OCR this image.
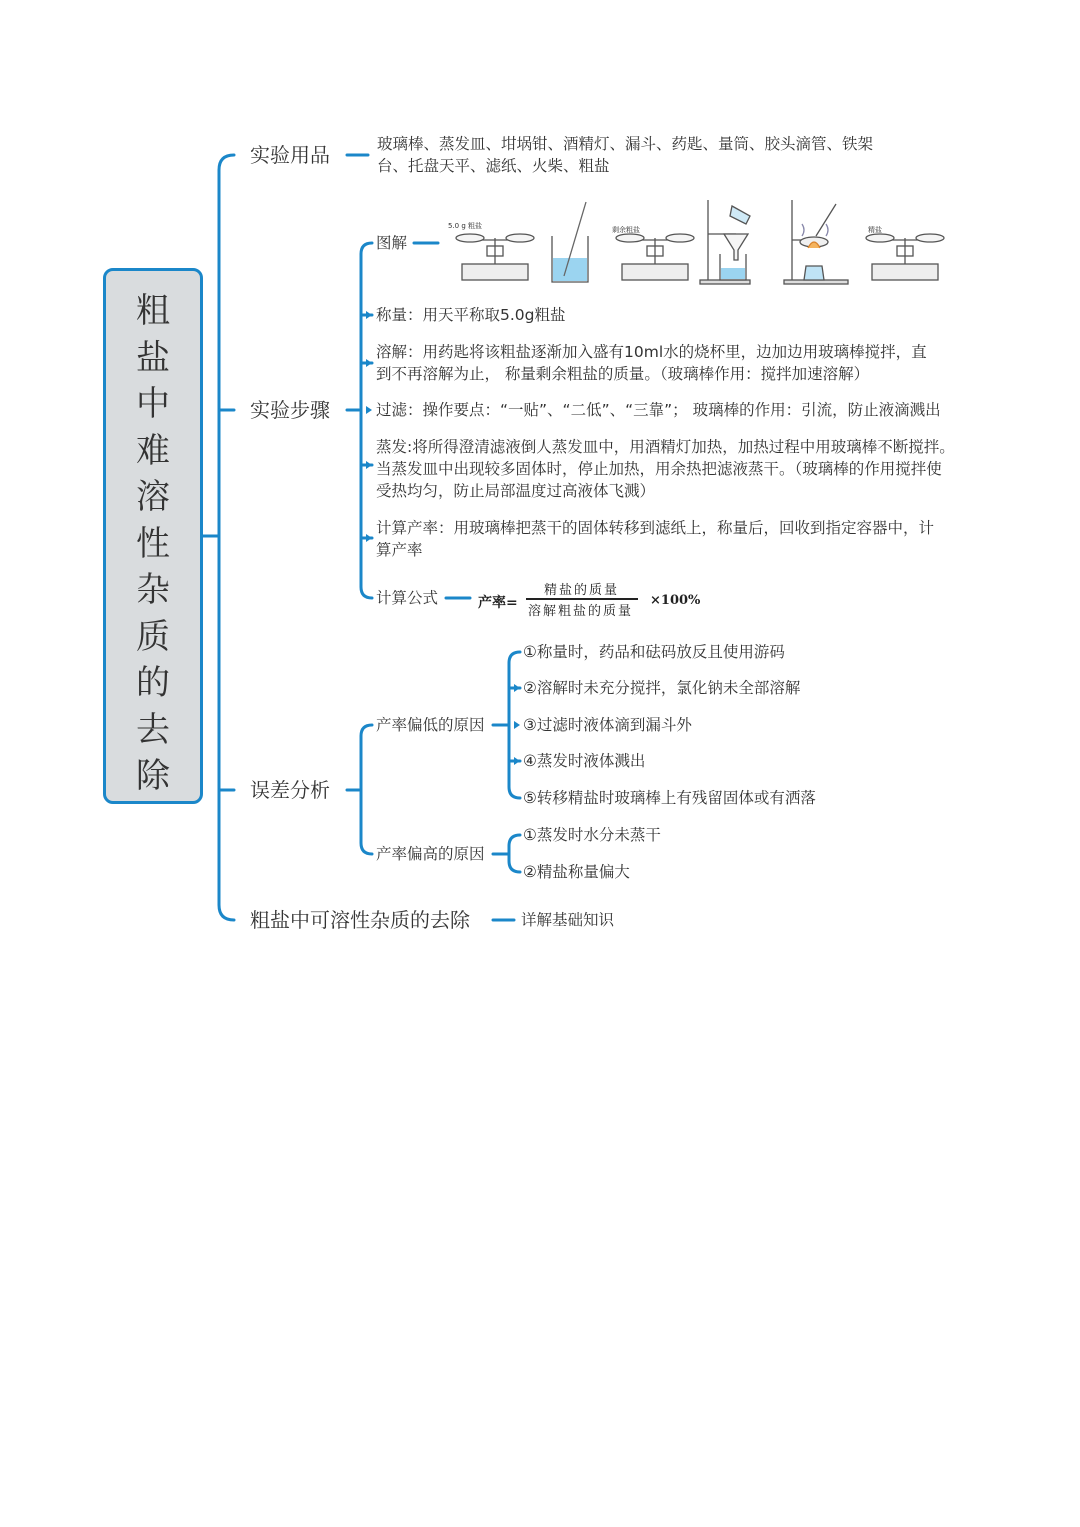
粗
盐
中
难
溶
性
杂
质
的
去
除
实验用品
实验步骤
误差分析
粗盐中可溶性杂质的去除
玻璃棒、蒸发皿、坩埚钳、酒精灯、漏斗、药匙、量筒、胶头滴管、铁架
台、托盘天平、滤纸、火柴、粗盐
图解
5.0 g 粗盐	剩余粗盐	精盐
称量：用天平称取5.0g粗盐
溶解：用药匙将该粗盐逐渐加入盛有10ml水的烧杯里，边加边用玻璃棒搅拌，直
到不再溶解为止， 称量剩余粗盐的质量。（玻璃棒作用：搅拌加速溶解）
过滤：操作要点：“一贴”、“二低”、“三靠”； 玻璃棒的作用：引流，防止液滴溅出
蒸发:将所得澄清滤液倒人蒸发皿中，用酒精灯加热，加热过程中用玻璃棒不断搅拌。
当蒸发皿中出现较多固体时，停止加热，用余热把滤液蒸干。（玻璃棒的作用搅拌使
受热均匀，防止局部温度过高液体飞溅）
计算产率：用玻璃棒把蒸干的固体转移到滤纸上，称量后，回收到指定容器中，计
算产率
计算公式	产率=
精盐的质量
溶解粗盐的质量
×100%
产率偏低的原因
产率偏高的原因
①称量时，药品和砝码放反且使用游码
②溶解时未充分搅拌，氯化钠未全部溶解
③过滤时液体滴到漏斗外
④蒸发时液体溅出
⑤转移精盐时玻璃棒上有残留固体或有洒落
①蒸发时水分未蒸干
②精盐称量偏大
详解基础知识
